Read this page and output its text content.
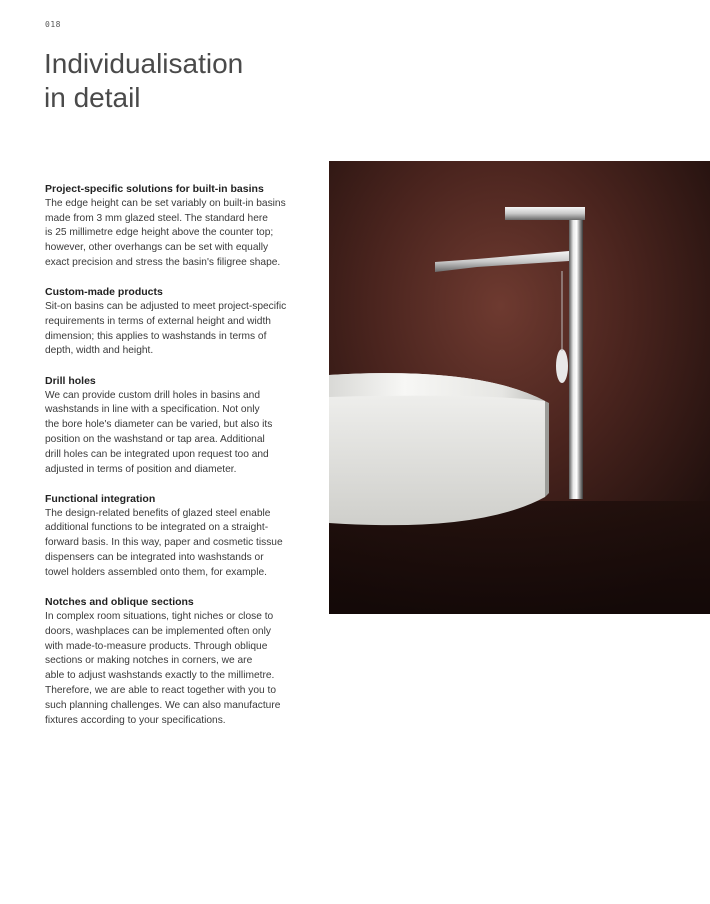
018
Individualisation
in detail
Project-specific solutions for built-in basins
The edge height can be set variably on built-in basins
made from 3 mm glazed steel. The standard here
is 25 millimetre edge height above the counter top;
however, other overhangs can be set with equally
exact precision and stress the basin's filigree shape.
Custom-made products
Sit-on basins can be adjusted to meet project-specific
requirements in terms of external height and width
dimension; this applies to washstands in terms of
depth, width and height.
Drill holes
We can provide custom drill holes in basins and
washstands in line with a specification. Not only
the bore hole's diameter can be varied, but also its
position on the washstand or tap area. Additional
drill holes can be integrated upon request too and
adjusted in terms of position and diameter.
Functional integration
The design-related benefits of glazed steel enable
additional functions to be integrated on a straight-
forward basis. In this way, paper and cosmetic tissue
dispensers can be integrated into washstands or
towel holders assembled onto them, for example.
Notches and oblique sections
In complex room situations, tight niches or close to
doors, washplaces can be implemented often only
with made-to-measure products. Through oblique
sections or making notches in corners, we are
able to adjust washstands exactly to the millimetre.
Therefore, we are able to react together with you to
such planning challenges. We can also manufacture
fixtures according to your specifications.
